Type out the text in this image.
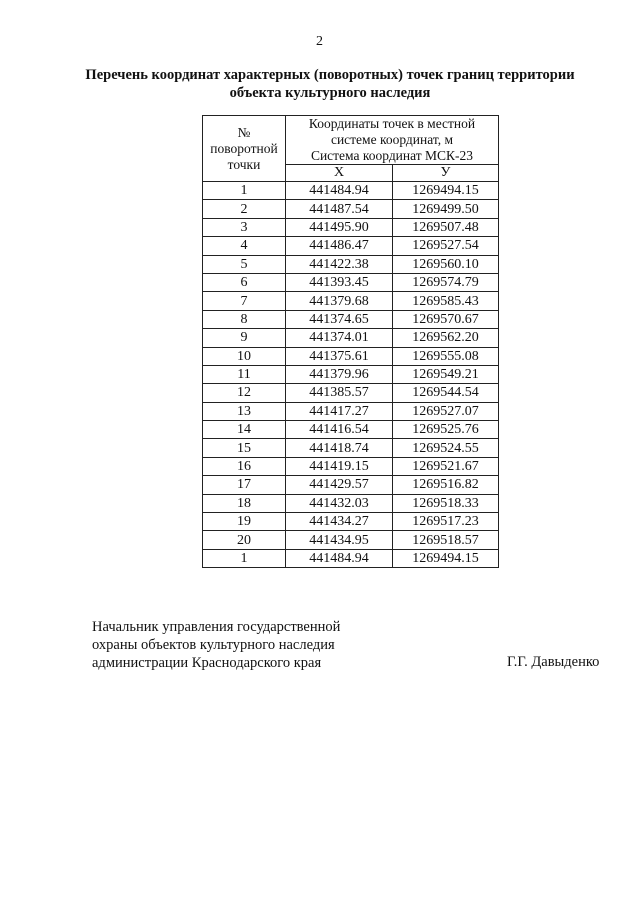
2
Перечень координат характерных (поворотных) точек границ территории
объекта культурного наследия
№
поворотной
точки	Координаты точек в местной
системе координат, м
Система координат МСК-23	
	X	У
1	441484.94	1269494.15
2	441487.54	1269499.50
3	441495.90	1269507.48
4	441486.47	1269527.54
5	441422.38	1269560.10
6	441393.45	1269574.79
7	441379.68	1269585.43
8	441374.65	1269570.67
9	441374.01	1269562.20
10	441375.61	1269555.08
11	441379.96	1269549.21
12	441385.57	1269544.54
13	441417.27	1269527.07
14	441416.54	1269525.76
15	441418.74	1269524.55
16	441419.15	1269521.67
17	441429.57	1269516.82
18	441432.03	1269518.33
19	441434.27	1269517.23
20	441434.95	1269518.57
1	441484.94	1269494.15
Начальник управления государственной
охраны объектов культурного наследия
администрации Краснодарского края	Г.Г. Давыденко
